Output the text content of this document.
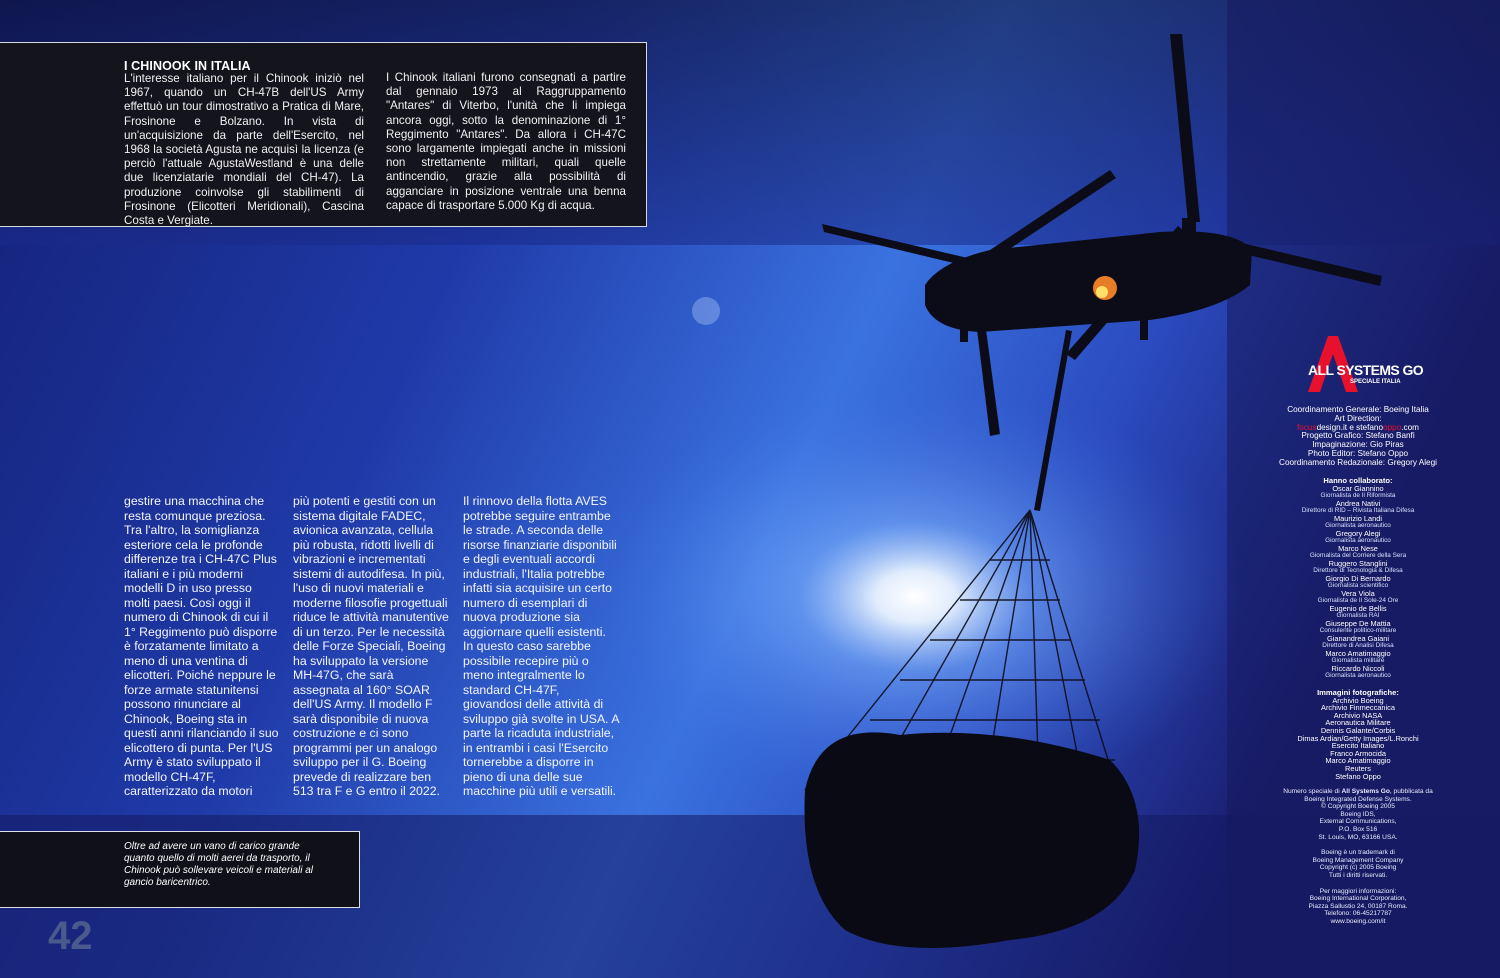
I CHINOOK IN ITALIA
L'interesse italiano per il Chinook iniziò nel 1967, quando un CH-47B dell'US Army effettuò un tour dimostrativo a Pratica di Mare, Frosinone e Bolzano. In vista di un'acquisizione da parte dell'Esercito, nel 1968 la società Agusta ne acquisì la licenza (e perciò l'attuale AgustaWestland è una delle due licenziatarie mondiali del CH-47). La produzione coinvolse gli stabilimenti di Frosinone (Elicotteri Meridionali), Cascina Costa e Vergiate.
I Chinook italiani furono consegnati a partire dal gennaio 1973 al Raggruppamento "Antares" di Viterbo, l'unità che li impiega ancora oggi, sotto la denominazione di 1° Reggimento "Antares". Da allora i CH-47C sono largamente impiegati anche in missioni non strettamente militari, quali quelle antincendio, grazie alla possibilità di agganciare in posizione ventrale una benna capace di trasportare 5.000 Kg di acqua.
gestire una macchina che resta comunque preziosa. Tra l'altro, la somiglianza esteriore cela le profonde differenze tra i CH-47C Plus italiani e i più moderni modelli D in uso presso molti paesi. Così oggi il numero di Chinook di cui il 1° Reggimento può disporre è forzatamente limitato a meno di una ventina di elicotteri. Poiché neppure le forze armate statunitensi possono rinunciare al Chinook, Boeing sta in questi anni rilanciando il suo elicottero di punta. Per l'US Army è stato sviluppato il modello CH-47F, caratterizzato da motori
più potenti e gestiti con un sistema digitale FADEC, avionica avanzata, cellula più robusta, ridotti livelli di vibrazioni e incrementati sistemi di autodifesa. In più, l'uso di nuovi materiali e moderne filosofie progettuali riduce le attività manutentive di un terzo. Per le necessità delle Forze Speciali, Boeing ha sviluppato la versione MH-47G, che sarà assegnata al 160° SOAR dell'US Army. Il modello F sarà disponibile di nuova costruzione e ci sono programmi per un analogo sviluppo per il G. Boeing prevede di realizzare ben 513 tra F e G entro il 2022.
Il rinnovo della flotta AVES potrebbe seguire entrambe le strade. A seconda delle risorse finanziarie disponibili e degli eventuali accordi industriali, l'Italia potrebbe infatti sia acquisire un certo numero di esemplari di nuova produzione sia aggiornare quelli esistenti. In questo caso sarebbe possibile recepire più o meno integralmente lo standard CH-47F, giovandosi delle attività di sviluppo già svolte in USA. A parte la ricaduta industriale, in entrambi i casi l'Esercito tornerebbe a disporre in pieno di una delle sue macchine più utili e versatili.
Oltre ad avere un vano di carico grande quanto quello di molti aerei da trasporto, il Chinook può sollevare veicoli e materiali al gancio baricentrico.
42
ALL SYSTEMS GO
SPECIALE ITALIA
Coordinamento Generale: Boeing Italia
Art Direction:
focusdesign.it e stefanooppo.com
Progetto Grafico: Stefano Banfi
Impaginazione: Gio Piras
Photo Editor: Stefano Oppo
Coordinamento Redazionale: Gregory Alegi
Hanno collaborato:
Oscar Giannino
Giornalista de Il Riformista
Andrea Nativi
Direttore di RID – Rivista Italiana Difesa
Maurizio Landi
Giornalista aeronautico
Gregory Alegi
Giornalista aeronautico
Marco Nese
Giornalista del Corriere della Sera
Ruggero Stanglini
Direttore di Tecnologia & Difesa
Giorgio Di Bernardo
Giornalista scientifico
Vera Viola
Giornalista de Il Sole-24 Ore
Eugenio de Bellis
Giornalista RAI
Giuseppe De Mattia
Consulente politico-militare
Gianandrea Gaiani
Direttore di Analisi Difesa
Marco Amatimaggio
Giornalista militare
Riccardo Niccoli
Giornalista aeronautico
Immagini fotografiche:
Archivio Boeing
Archivio Finmeccanica
Archivio NASA
Aeronautica Militare
Dennis Galante/Corbis
Dimas Ardian/Getty Images/L.Ronchi
Esercito Italiano
Franco Armocida
Marco Amatimaggio
Reuters
Stefano Oppo
Numero speciale di All Systems Go, pubblicata da
Boeing Integrated Defense Systems.
© Copyright Boeing 2005
Boeing IDS,
External Communications,
P.O. Box 516
St. Louis, MO, 63166 USA.
Boeing è un trademark di
Boeing Management Company
Copyright (c) 2005 Boeing
Tutti i diritti riservati.
Per maggiori informazioni:
Boeing International Corporation,
Piazza Sallustio 24, 00187 Roma.
Telefono: 06-45217787
www.boeing.com/it
